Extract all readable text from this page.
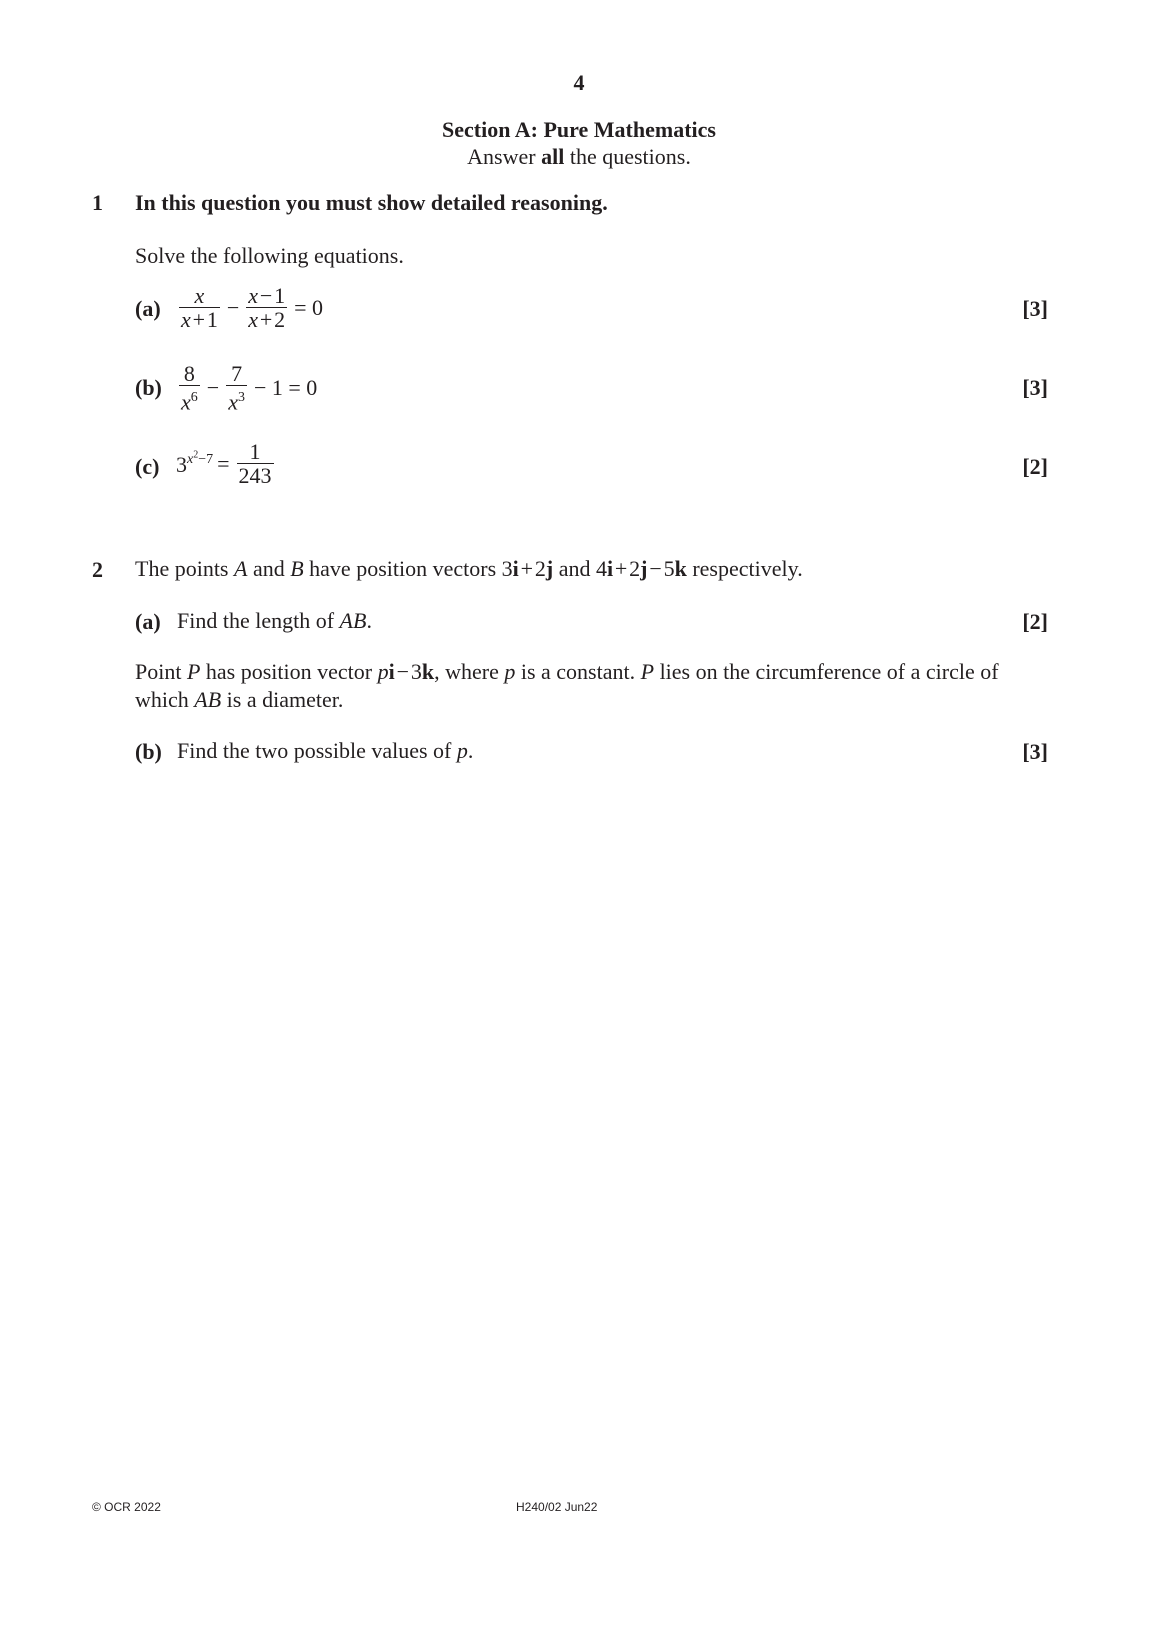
4
Section A: Pure Mathematics
Answer all the questions.
1 In this question you must show detailed reasoning.
Solve the following equations.
$(a) \frac{x}{x + 1} - \frac{x - 1}{x + 2} = 0$	[3]
$(b) \frac{8}{x^6} - \frac{7}{x^3} - 1 = 0$	[3]
(c) $3^{x^2-7} = \frac{1}{243}$	[2]
2 The points A and B have position vectors 3i + 2j and 4i + 2j − 5k respectively.
(a) Find the length of AB.	[2]
Point P has position vector pi − 3k, where p is a constant. P lies on the circumference of a circle of which AB is a diameter.
(b) Find the two possible values of p.	[3]
© OCR 2022	H240/02 Jun22
